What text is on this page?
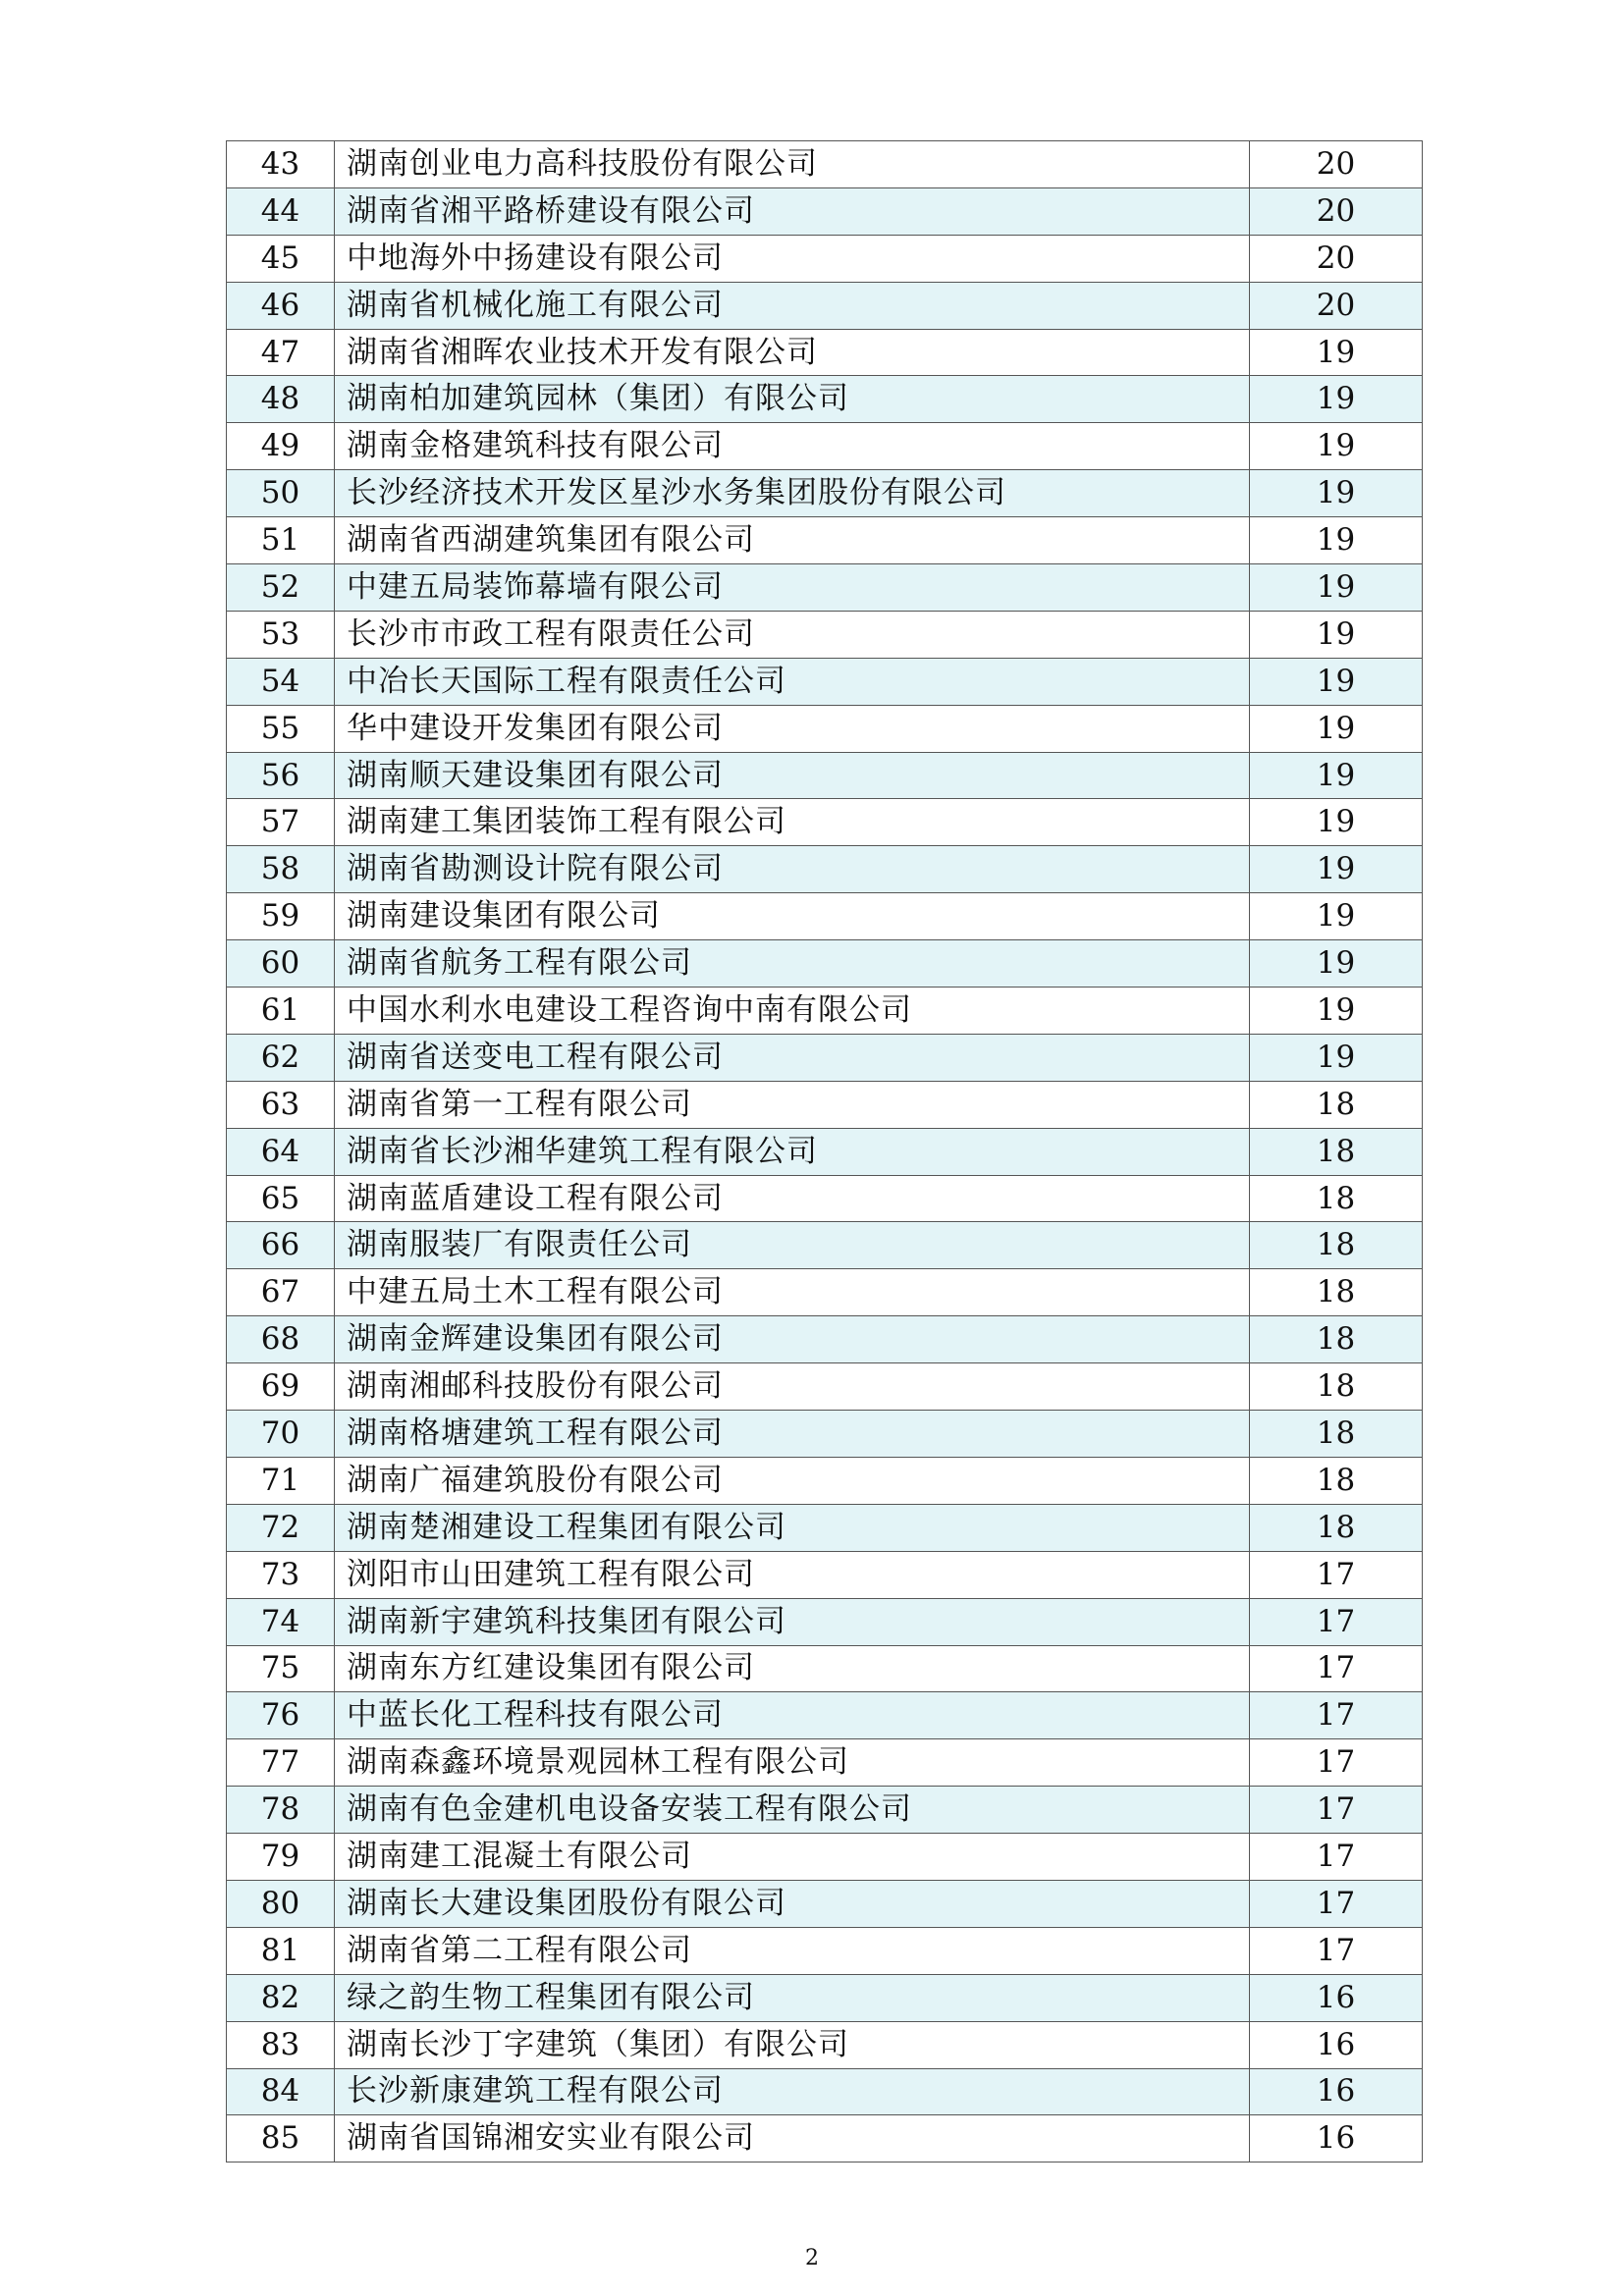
43	湖南创业电力高科技股份有限公司	20
44	湖南省湘平路桥建设有限公司	20
45	中地海外中扬建设有限公司	20
46	湖南省机械化施工有限公司	20
47	湖南省湘晖农业技术开发有限公司	19
48	湖南柏加建筑园林（集团）有限公司	19
49	湖南金格建筑科技有限公司	19
50	长沙经济技术开发区星沙水务集团股份有限公司	19
51	湖南省西湖建筑集团有限公司	19
52	中建五局装饰幕墙有限公司	19
53	长沙市市政工程有限责任公司	19
54	中冶长天国际工程有限责任公司	19
55	华中建设开发集团有限公司	19
56	湖南顺天建设集团有限公司	19
57	湖南建工集团装饰工程有限公司	19
58	湖南省勘测设计院有限公司	19
59	湖南建设集团有限公司	19
60	湖南省航务工程有限公司	19
61	中国水利水电建设工程咨询中南有限公司	19
62	湖南省送变电工程有限公司	19
63	湖南省第一工程有限公司	18
64	湖南省长沙湘华建筑工程有限公司	18
65	湖南蓝盾建设工程有限公司	18
66	湖南服装厂有限责任公司	18
67	中建五局土木工程有限公司	18
68	湖南金辉建设集团有限公司	18
69	湖南湘邮科技股份有限公司	18
70	湖南格塘建筑工程有限公司	18
71	湖南广福建筑股份有限公司	18
72	湖南楚湘建设工程集团有限公司	18
73	浏阳市山田建筑工程有限公司	17
74	湖南新宇建筑科技集团有限公司	17
75	湖南东方红建设集团有限公司	17
76	中蓝长化工程科技有限公司	17
77	湖南森鑫环境景观园林工程有限公司	17
78	湖南有色金建机电设备安装工程有限公司	17
79	湖南建工混凝土有限公司	17
80	湖南长大建设集团股份有限公司	17
81	湖南省第二工程有限公司	17
82	绿之韵生物工程集团有限公司	16
83	湖南长沙丁字建筑（集团）有限公司	16
84	长沙新康建筑工程有限公司	16
85	湖南省国锦湘安实业有限公司	16
2
